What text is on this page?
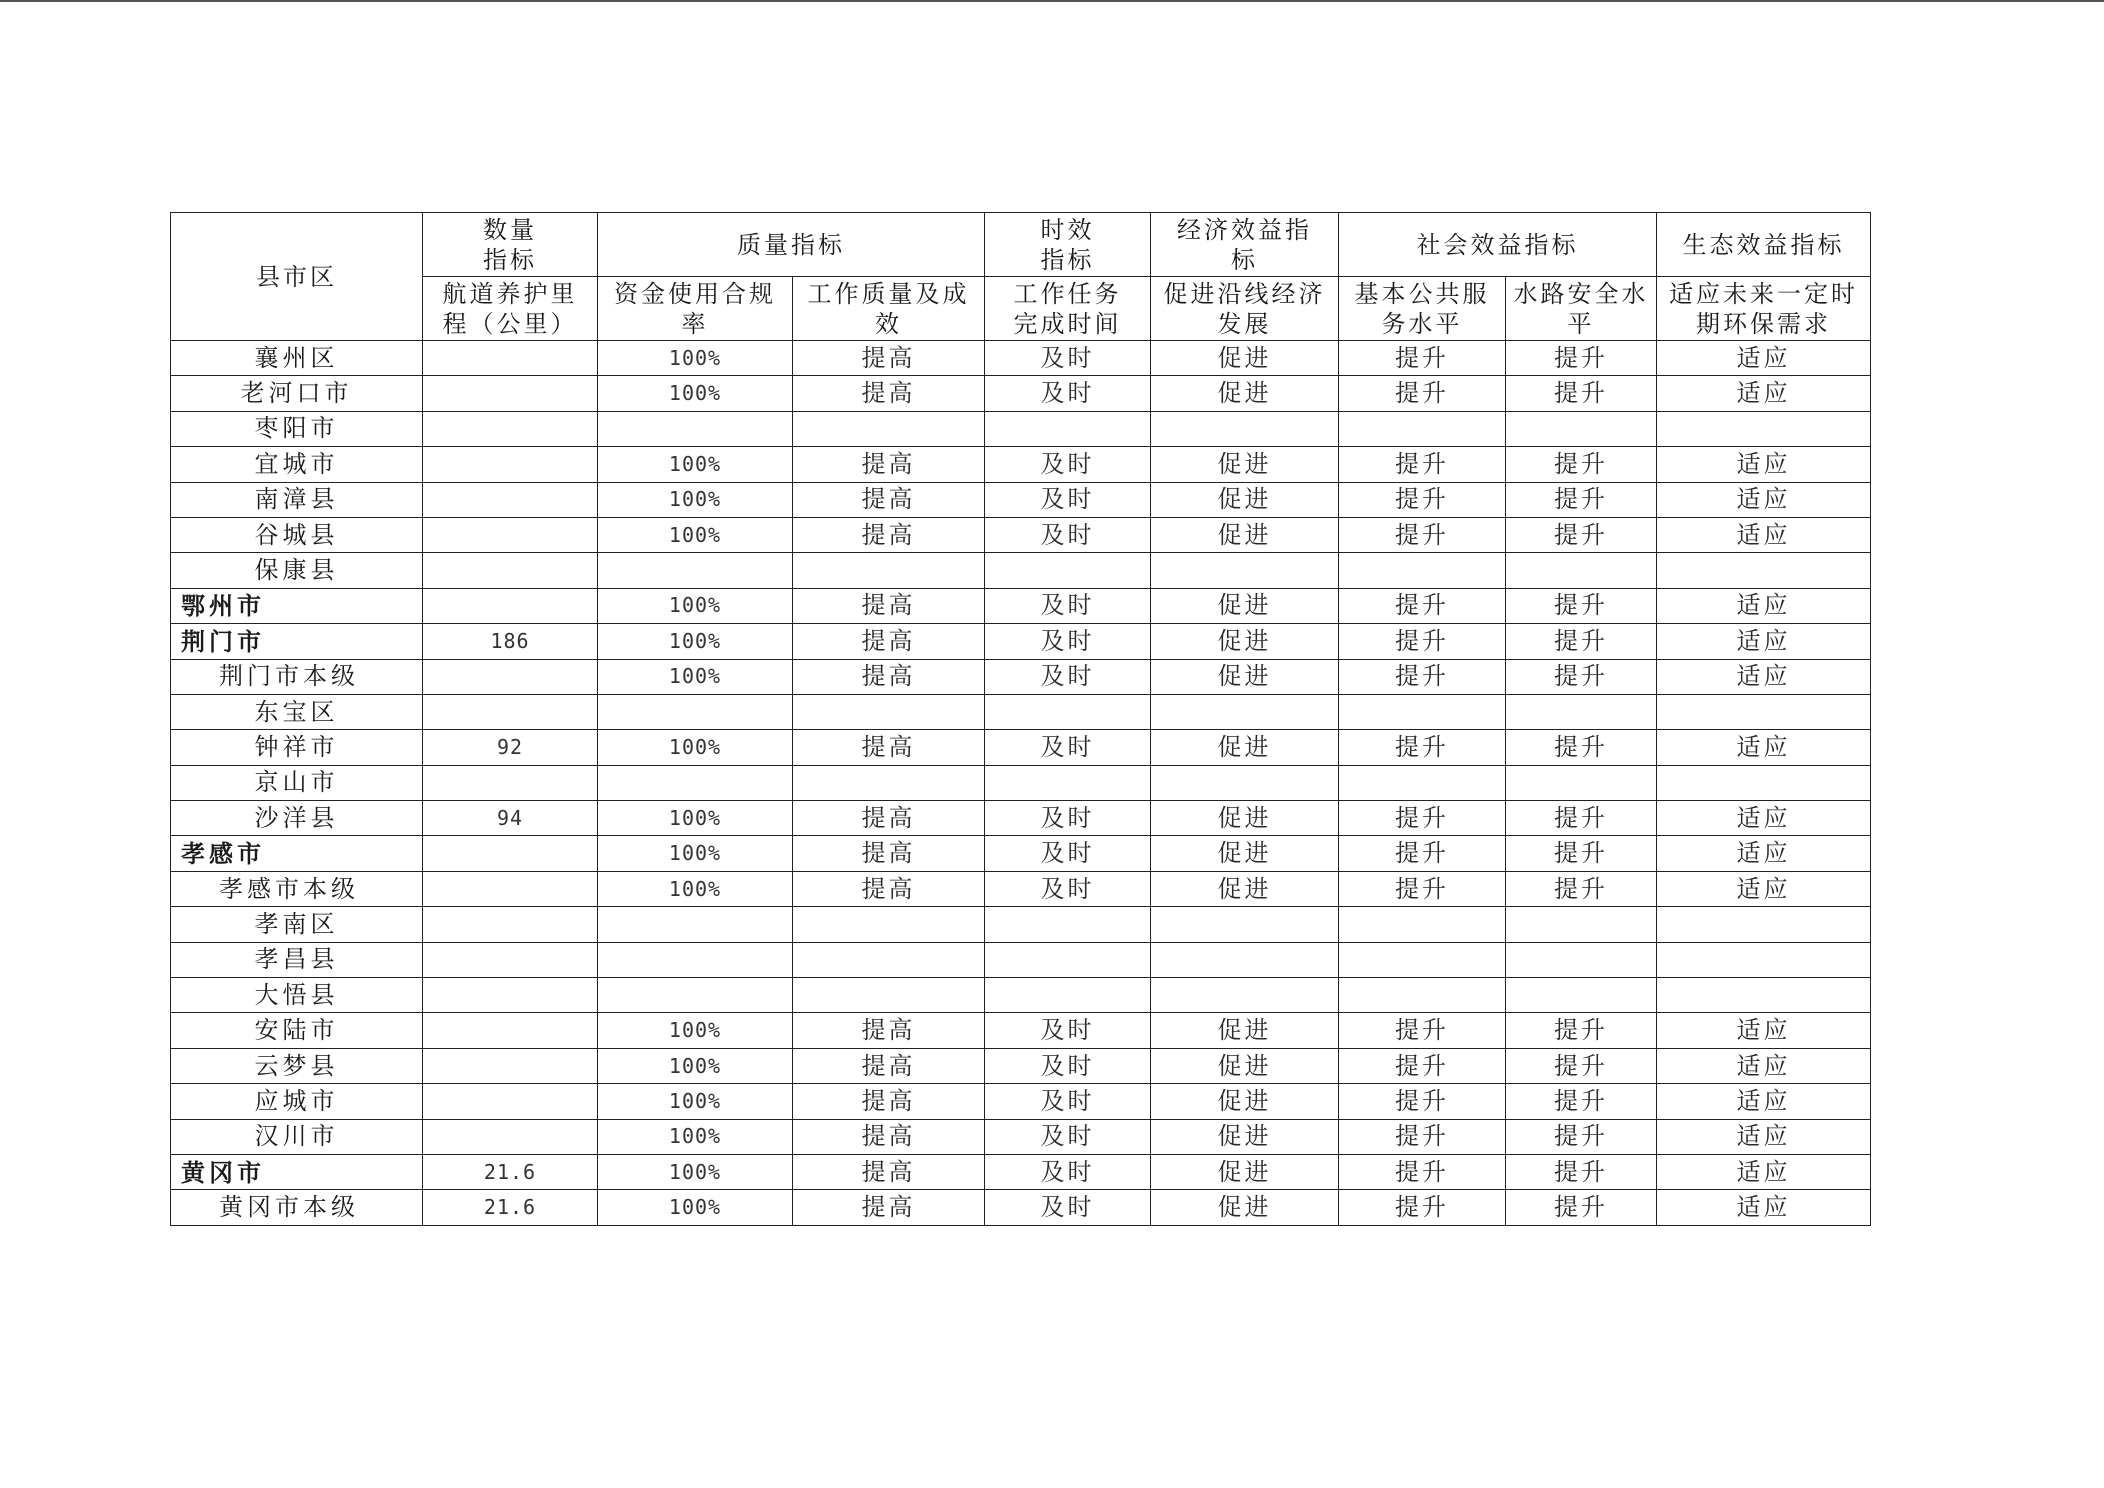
县市区	数量指标	质量指标		时效指标	经济效益指标	社会效益指标		生态效益指标
	航道养护里程（公里）	资金使用合规率	工作质量及成效	工作任务完成时间	促进沿线经济发展	基本公共服务水平	水路安全水平	适应未来一定时期环保需求
襄州区		100%	提高	及时	促进	提升	提升	适应
老河口市		100%	提高	及时	促进	提升	提升	适应
枣阳市								
宜城市		100%	提高	及时	促进	提升	提升	适应
南漳县		100%	提高	及时	促进	提升	提升	适应
谷城县		100%	提高	及时	促进	提升	提升	适应
保康县								
鄂州市		100%	提高	及时	促进	提升	提升	适应
荆门市	186	100%	提高	及时	促进	提升	提升	适应
荆门市本级		100%	提高	及时	促进	提升	提升	适应
东宝区								
钟祥市	92	100%	提高	及时	促进	提升	提升	适应
京山市								
沙洋县	94	100%	提高	及时	促进	提升	提升	适应
孝感市		100%	提高	及时	促进	提升	提升	适应
孝感市本级		100%	提高	及时	促进	提升	提升	适应
孝南区								
孝昌县								
大悟县								
安陆市		100%	提高	及时	促进	提升	提升	适应
云梦县		100%	提高	及时	促进	提升	提升	适应
应城市		100%	提高	及时	促进	提升	提升	适应
汉川市		100%	提高	及时	促进	提升	提升	适应
黄冈市	21.6	100%	提高	及时	促进	提升	提升	适应
黄冈市本级	21.6	100%	提高	及时	促进	提升	提升	适应
